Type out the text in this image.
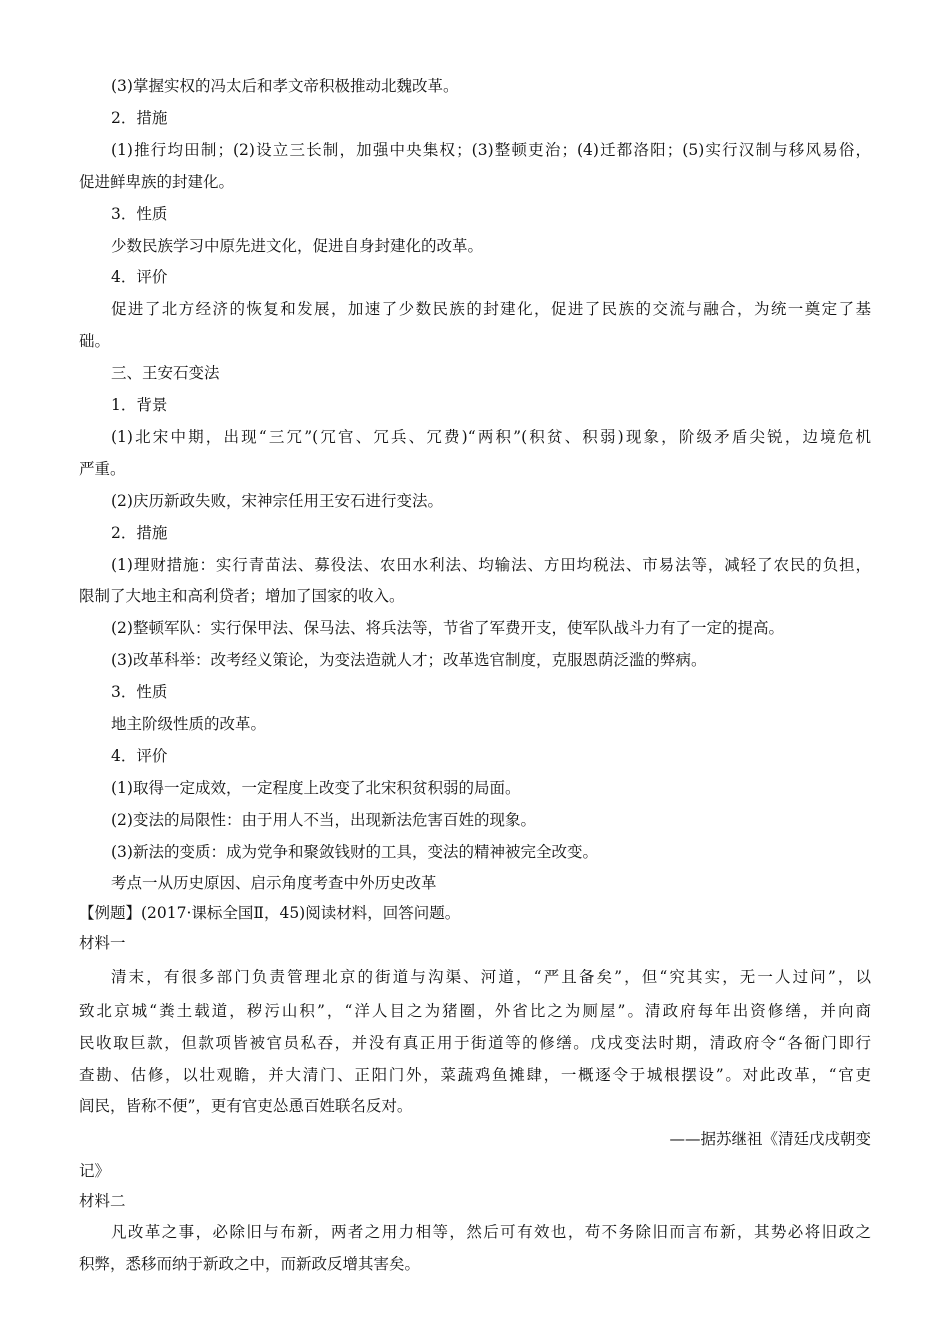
(3)掌握实权的冯太后和孝文帝积极推动北魏改革。
2．措施
(1)推行均田制；(2)设立三长制，加强中央集权；(3)整顿吏治；(4)迁都洛阳；(5)实行汉制与移风易俗，
促进鲜卑族的封建化。
3．性质
少数民族学习中原先进文化，促进自身封建化的改革。
4．评价
促进了北方经济的恢复和发展，加速了少数民族的封建化，促进了民族的交流与融合，为统一奠定了基
础。
三、王安石变法
1．背景
(1)北宋中期，出现“三冗”(冗官、冗兵、冗费)“两积”(积贫、积弱)现象，阶级矛盾尖锐，边境危机
严重。
(2)庆历新政失败，宋神宗任用王安石进行变法。
2．措施
(1)理财措施：实行青苗法、募役法、农田水利法、均输法、方田均税法、市易法等，减轻了农民的负担，
限制了大地主和高利贷者；增加了国家的收入。
(2)整顿军队：实行保甲法、保马法、将兵法等，节省了军费开支，使军队战斗力有了一定的提高。
(3)改革科举：改考经义策论，为变法造就人才；改革选官制度，克服恩荫泛滥的弊病。
3．性质
地主阶级性质的改革。
4．评价
(1)取得一定成效，一定程度上改变了北宋积贫积弱的局面。
(2)变法的局限性：由于用人不当，出现新法危害百姓的现象。
(3)新法的变质：成为党争和聚敛钱财的工具，变法的精神被完全改变。
考点一从历史原因、启示角度考查中外历史改革
【例题】(2017·课标全国Ⅱ，45)阅读材料，回答问题。
材料一
清末，有很多部门负责管理北京的街道与沟渠、河道，“严且备矣”，但“究其实，无一人过问”，以
致北京城“粪土载道，秽污山积”，“洋人目之为猪圈，外省比之为厕屋”。清政府每年出资修缮，并向商
民收取巨款，但款项皆被官员私吞，并没有真正用于街道等的修缮。戊戌变法时期，清政府令“各衙门即行
查勘、估修，以壮观瞻，并大清门、正阳门外，菜蔬鸡鱼摊肆，一概逐令于城根摆设”。对此改革，“官吏
闾民，皆称不便”，更有官吏怂恿百姓联名反对。
——据苏继祖《清廷戊戌朝变
记》
材料二
凡改革之事，必除旧与布新，两者之用力相等，然后可有效也，苟不务除旧而言布新，其势必将旧政之
积弊，悉移而纳于新政之中，而新政反增其害矣。
